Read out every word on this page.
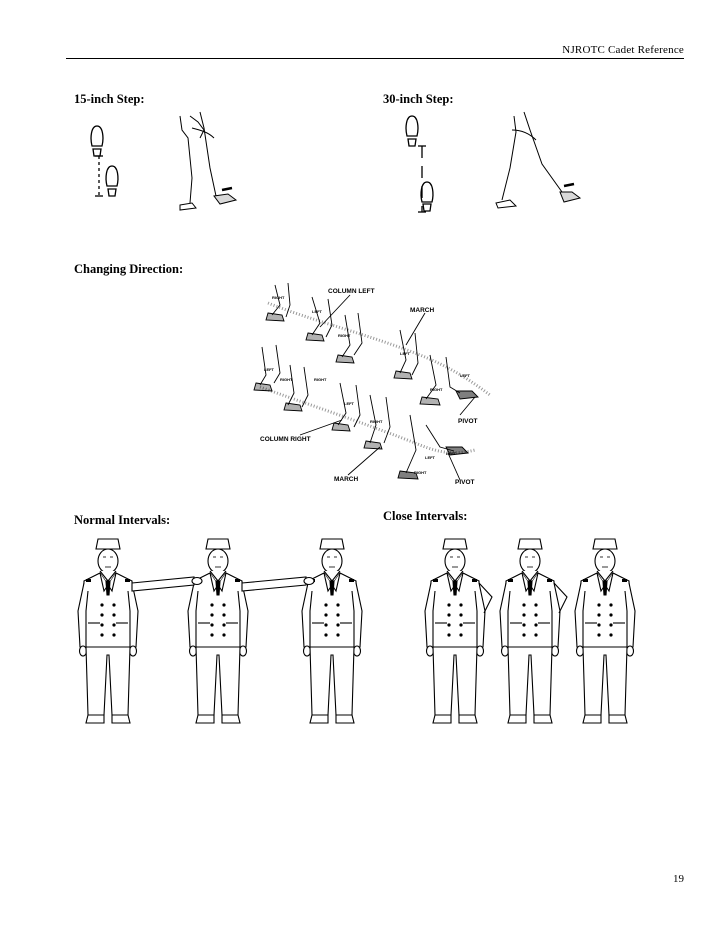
NJROTC Cadet Reference
15-inch Step:	30-inch Step:
Changing Direction:
Normal Intervals:	Close Intervals:
COLUMN LEFT
MARCH
PIVOT
COLUMN RIGHT
MARCH	PIVOT
RIGHT
LEFT
RIGHT
LEFT
LEFT
RIGHT	RIGHT
LEFT
RIGHT
LEFT
RIGHT
LEFT
LEFT
RIGHT
19
